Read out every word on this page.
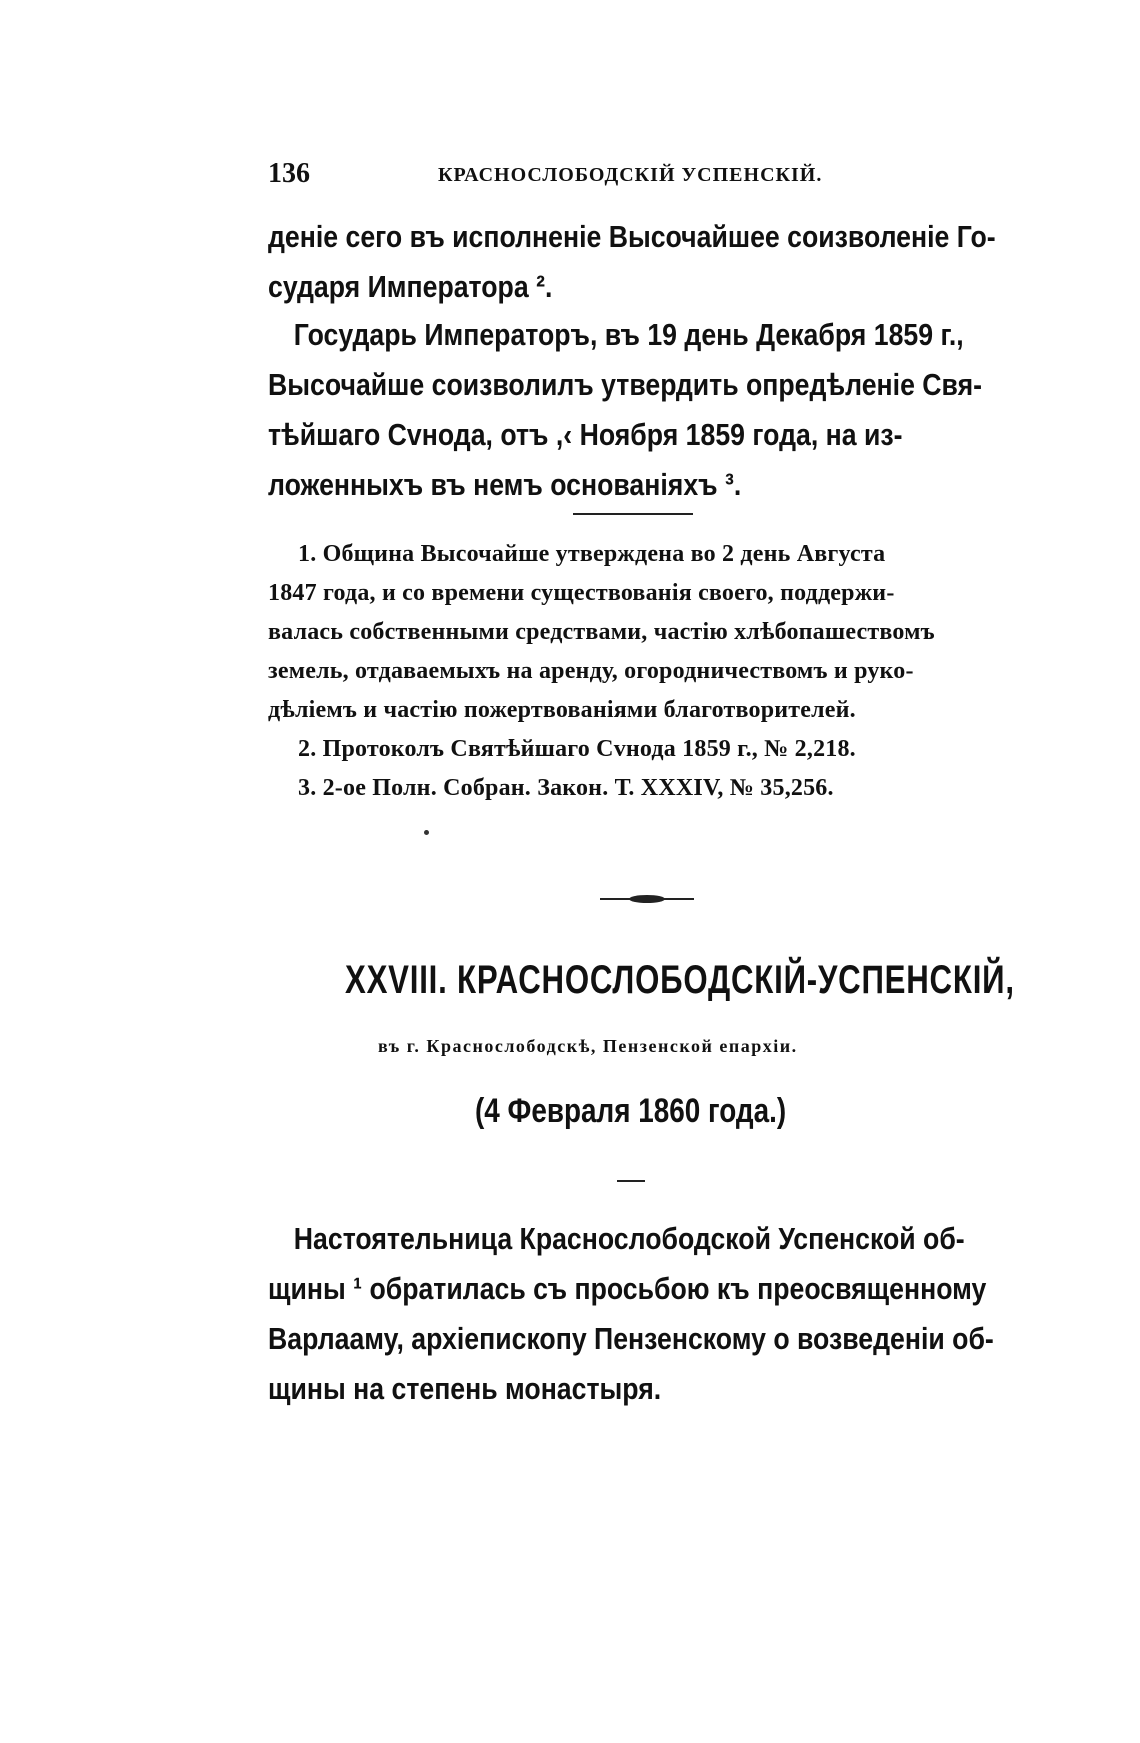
136	КРАСНОСЛОБОДСКІЙ УСПЕНСКІЙ.
деніе сего въ исполненіе Высочайшее соизволеніе Го-
сударя Императора ².
Государь Императоръ, въ 19 день Декабря 1859 г.,
Высочайше соизволилъ утвердить опредѣленіе Свя-
тѣйшаго Сvнода, отъ ,‹ Ноября 1859 года, на из-
ложенныхъ въ немъ основаніяхъ ³.
1. Община Высочайше утверждена во 2 день Августа
1847 года, и со времени существованія своего, поддержи-
валась собственными средствами, частію хлѣбопашествомъ
земель, отдаваемыхъ на аренду, огородничествомъ и руко-
дѣліемъ и частію пожертвованіями благотворителей.
2. Протоколъ Святѣйшаго Сvнода 1859 г., № 2,218.
3. 2-ое Полн. Собран. Закон. Т. XXXIV, № 35,256.
XXVIII. КРАСНОСЛОБОДСКІЙ-УСПЕНСКІЙ,
въ г. Краснослободскѣ, Пензенской епархіи.
(4 Февраля 1860 года.)
Настоятельница Краснослободской Успенской об-
щины ¹ обратилась съ просьбою къ преосвященному
Варлааму, архіепископу Пензенскому о возведеніи об-
щины на степень монастыря.
